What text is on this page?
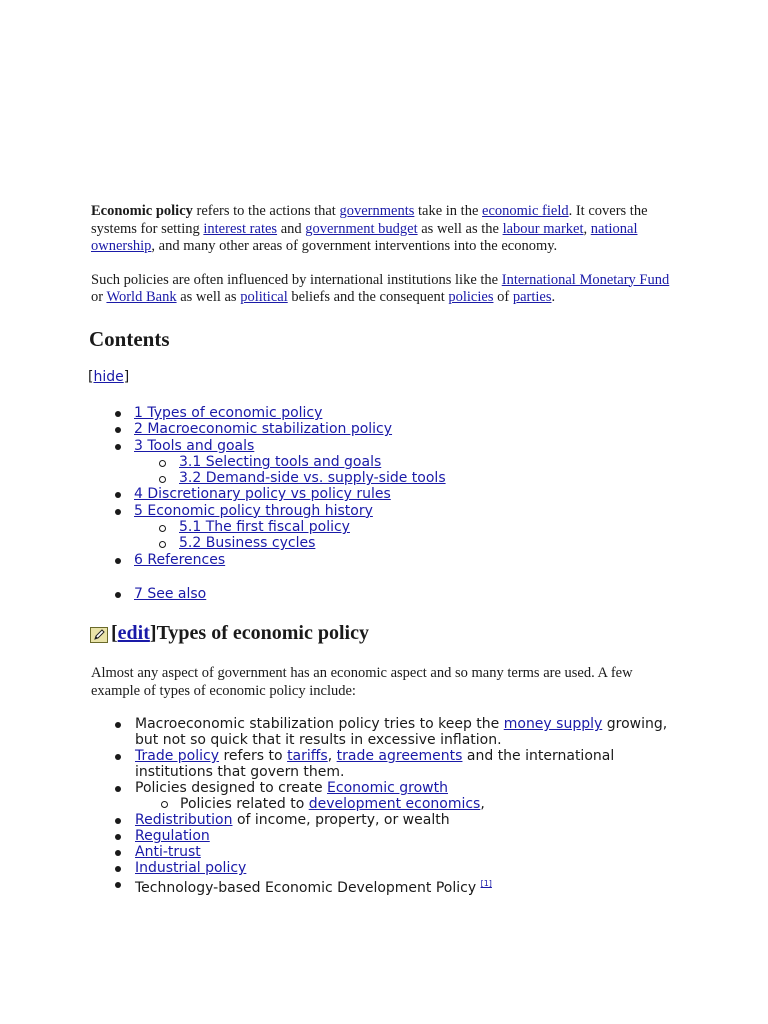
Economic policy refers to the actions that governments take in the economic field. It covers the systems for setting interest rates and government budget as well as the labour market, national ownership, and many other areas of government interventions into the economy.

Such policies are often influenced by international institutions like the International Monetary Fund or World Bank as well as political beliefs and the consequent policies of parties.

Contents
[hide]
1 Types of economic policy
2 Macroeconomic stabilization policy
3 Tools and goals
3.1 Selecting tools and goals
3.2 Demand-side vs. supply-side tools
4 Discretionary policy vs policy rules
5 Economic policy through history
5.1 The first fiscal policy
5.2 Business cycles
6 References
7 See also
[ edit ] Types of economic policy

Almost any aspect of government has an economic aspect and so many terms are used. A few example of types of economic policy include:

Macroeconomic stabilization policy tries to keep the money supply growing, but not so quick that it results in excessive inflation.
Trade policy refers to tariffs, trade agreements and the international institutions that govern them.
Policies designed to create Economic growth
Policies related to development economics,
Redistribution of income, property, or wealth
Regulation
Anti-trust
Industrial policy
Technology-based Economic Development Policy [1]
